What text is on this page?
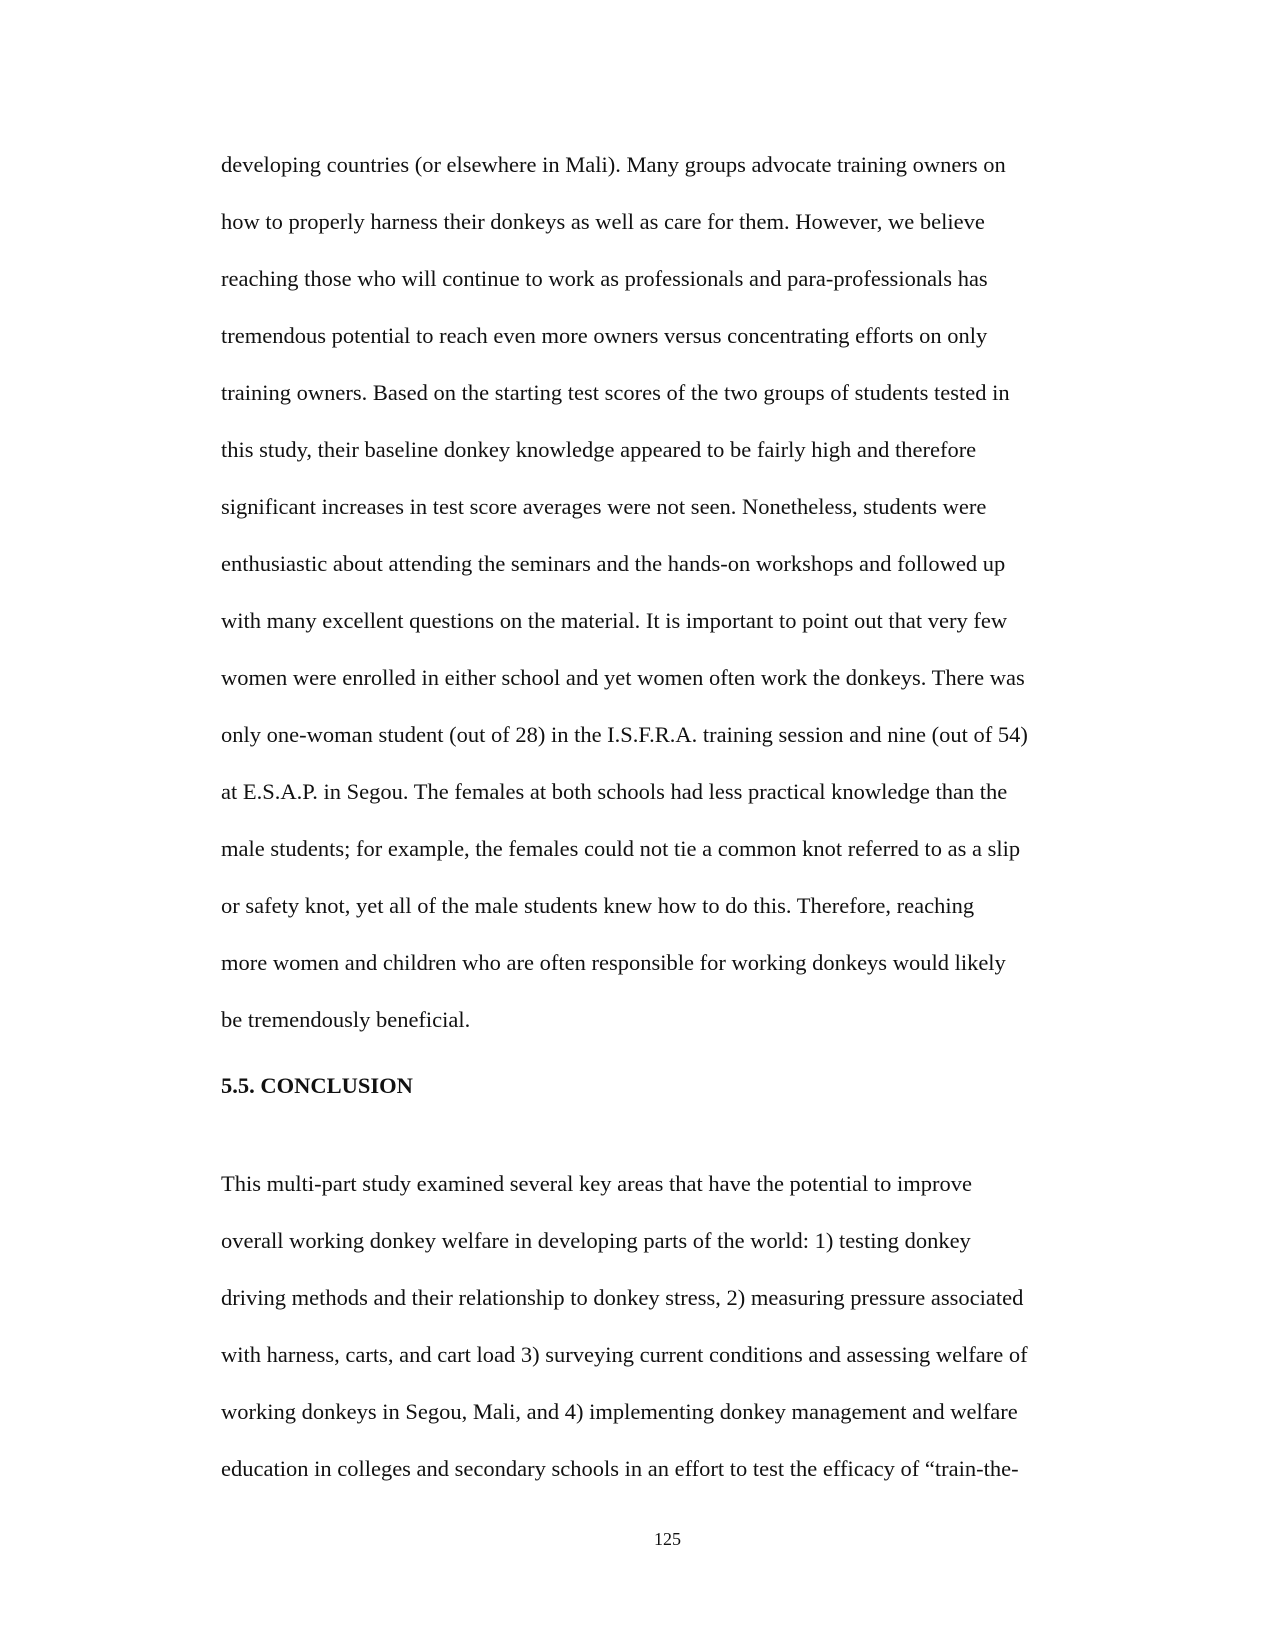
developing countries (or elsewhere in Mali). Many groups advocate training owners on
how to properly harness their donkeys as well as care for them. However, we believe
reaching those who will continue to work as professionals and para-professionals has
tremendous potential to reach even more owners versus concentrating efforts on only
training owners. Based on the starting test scores of the two groups of students tested in
this study, their baseline donkey knowledge appeared to be fairly high and therefore
significant increases in test score averages were not seen. Nonetheless, students were
enthusiastic about attending the seminars and the hands-on workshops and followed up
with many excellent questions on the material. It is important to point out that very few
women were enrolled in either school and yet women often work the donkeys. There was
only one-woman student (out of 28) in the I.S.F.R.A. training session and nine (out of 54)
at E.S.A.P. in Segou. The females at both schools had less practical knowledge than the
male students; for example, the females could not tie a common knot referred to as a slip
or safety knot, yet all of the male students knew how to do this. Therefore, reaching
more women and children who are often responsible for working donkeys would likely
be tremendously beneficial.
5.5. CONCLUSION
This multi-part study examined several key areas that have the potential to improve
overall working donkey welfare in developing parts of the world: 1) testing donkey
driving methods and their relationship to donkey stress, 2) measuring pressure associated
with harness, carts, and cart load 3) surveying current conditions and assessing welfare of
working donkeys in Segou, Mali, and 4) implementing donkey management and welfare
education in colleges and secondary schools in an effort to test the efficacy of “train-the-
125
